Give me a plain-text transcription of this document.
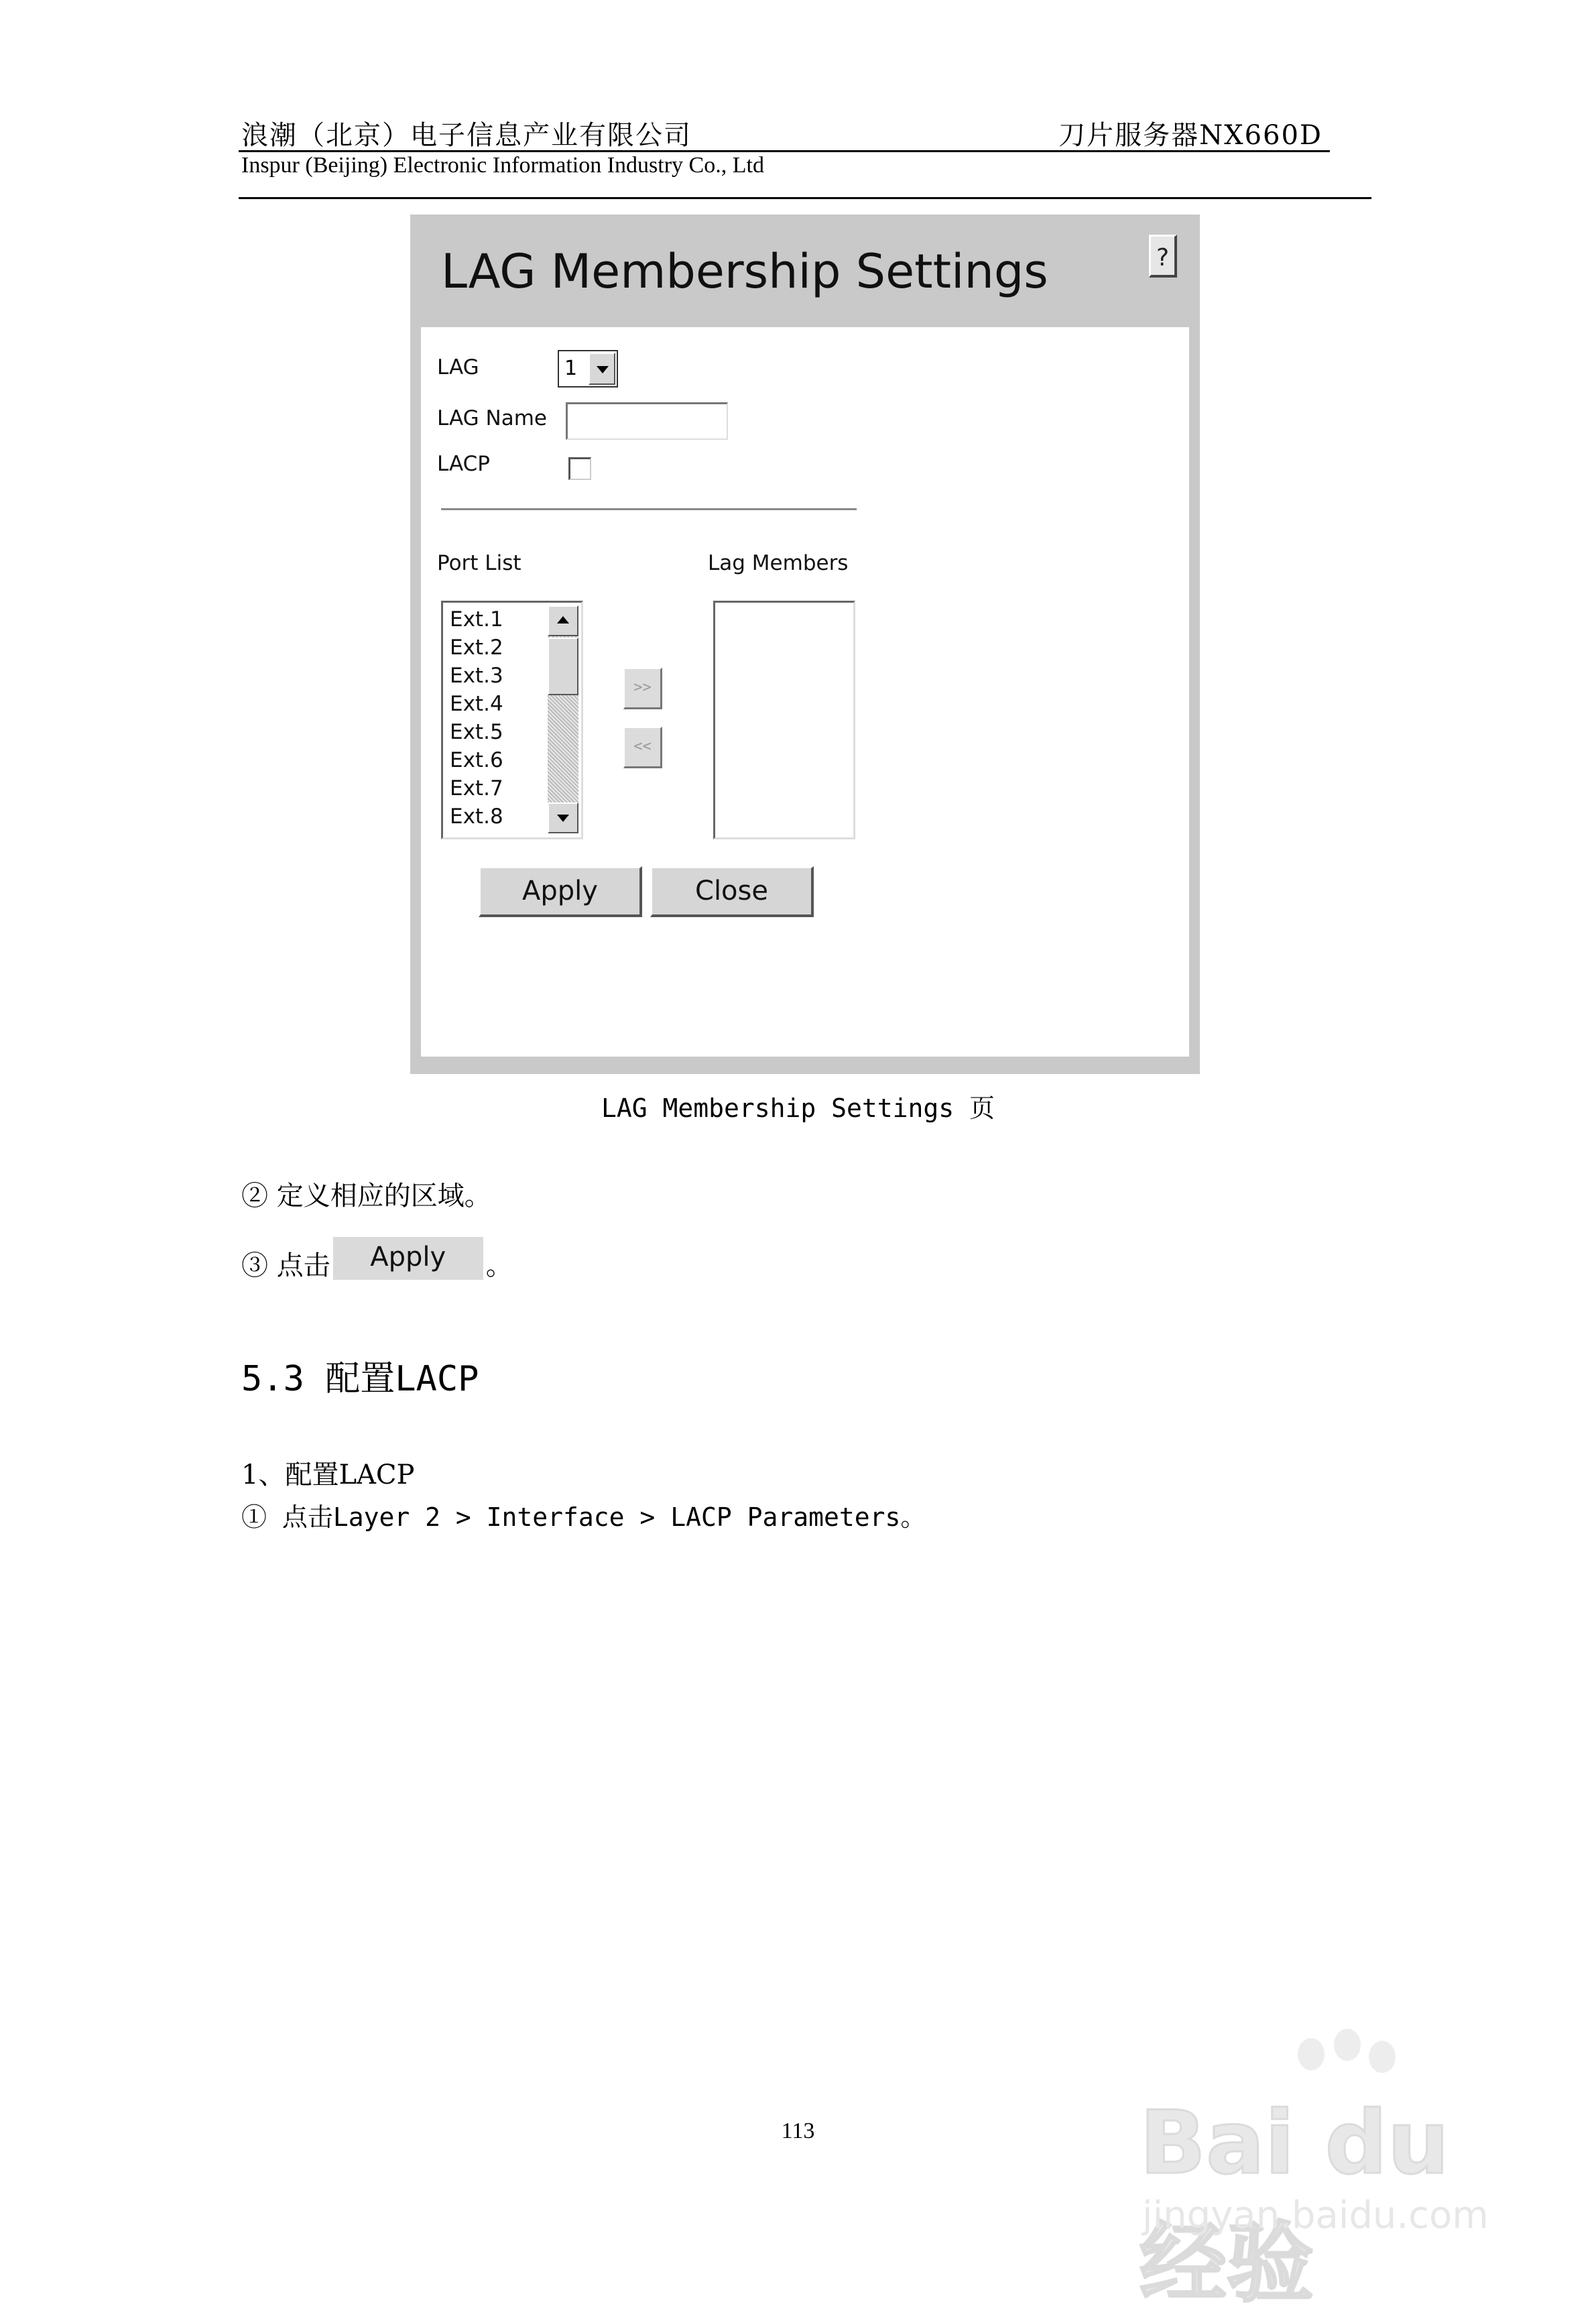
浪潮（北京）电子信息产业有限公司	刀片服务器NX660D
Inspur (Beijing) Electronic Information Industry Co., Ltd
LAG Membership Settings	?
LAG	1
LAG Name
LACP
Port List	Lag Members
Ext.1
Ext.2
Ext.3
Ext.4
Ext.5
Ext.6
Ext.7
Ext.8
>>
<<
Apply	Close
LAG Membership Settings 页
② 定义相应的区域。
③ 点击 Apply 。
5.3 配置LACP
1、配置LACP
① 点击Layer 2 > Interface > LACP Parameters。
113	Bai du 经验
jingyan.baidu.com
